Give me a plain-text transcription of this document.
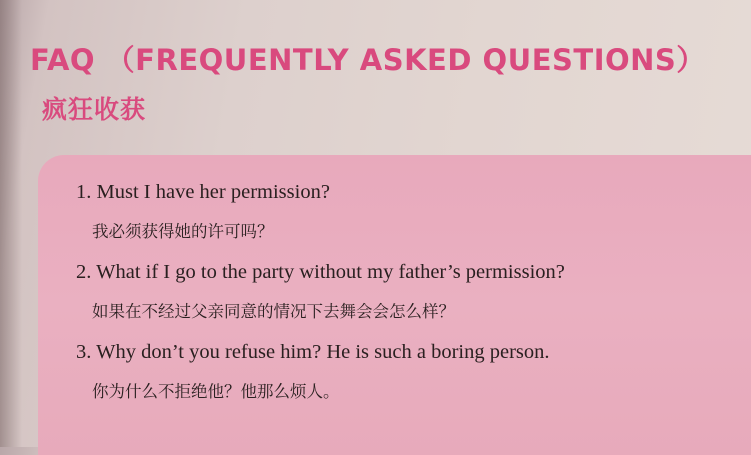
FAQ （FREQUENTLY ASKED QUESTIONS）
疯狂收获
1. Must I have her permission?
我必须获得她的许可吗？
2. What if I go to the party without my father’s permission?
如果在不经过父亲同意的情况下去舞会会怎么样？
3. Why don’t you refuse him? He is such a boring person.
你为什么不拒绝他？他那么烦人。
